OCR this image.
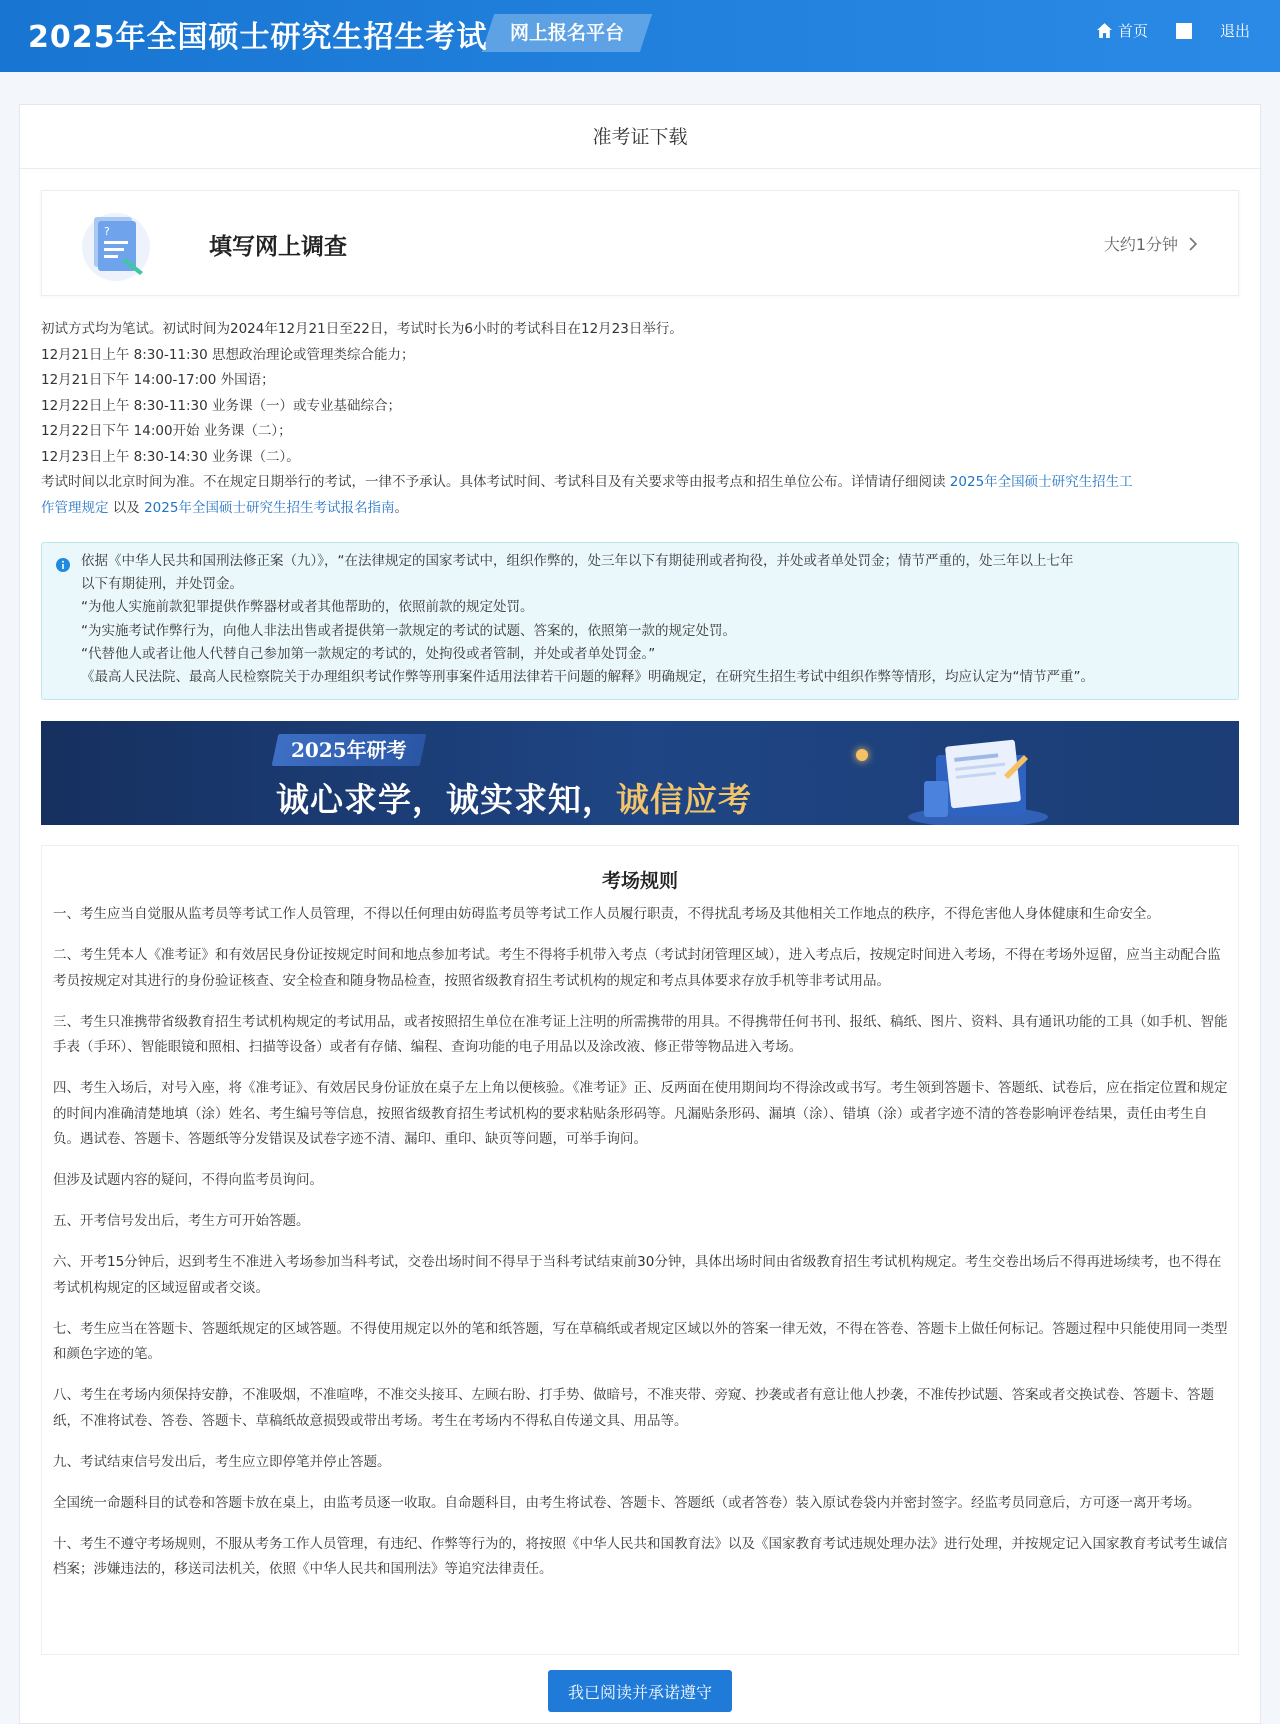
2025年全国硕士研究生招生考试	网上报名平台	首页	退出
准考证下载
?
填写网上调查	大约1分钟
初试方式均为笔试。初试时间为2024年12月21日至22日，考试时长为6小时的考试科目在12月23日举行。
12月21日上午 8:30-11:30 思想政治理论或管理类综合能力；
12月21日下午 14:00-17:00 外国语；
12月22日上午 8:30-11:30 业务课（一）或专业基础综合；
12月22日下午 14:00开始 业务课（二）；
12月23日上午 8:30-14:30 业务课（二）。
考试时间以北京时间为准。不在规定日期举行的考试，一律不予承认。具体考试时间、考试科目及有关要求等由报考点和招生单位公布。详情请仔细阅读 2025年全国硕士研究生招生工
作管理规定 以及 2025年全国硕士研究生招生考试报名指南。
依据《中华人民共和国刑法修正案（九）》，“在法律规定的国家考试中，组织作弊的，处三年以下有期徒刑或者拘役，并处或者单处罚金；情节严重的，处三年以上七年
以下有期徒刑，并处罚金。
“为他人实施前款犯罪提供作弊器材或者其他帮助的，依照前款的规定处罚。
“为实施考试作弊行为，向他人非法出售或者提供第一款规定的考试的试题、答案的，依照第一款的规定处罚。
“代替他人或者让他人代替自己参加第一款规定的考试的，处拘役或者管制，并处或者单处罚金。”
《最高人民法院、最高人民检察院关于办理组织考试作弊等刑事案件适用法律若干问题的解释》明确规定，在研究生招生考试中组织作弊等情形，均应认定为“情节严重”。
2025年研考
诚心求学，诚实求知，诚信应考
考场规则

一、考生应当自觉服从监考员等考试工作人员管理，不得以任何理由妨碍监考员等考试工作人员履行职责，不得扰乱考场及其他相关工作地点的秩序，不得危害他人身体健康和生命安全。

二、考生凭本人《准考证》和有效居民身份证按规定时间和地点参加考试。考生不得将手机带入考点（考试封闭管理区域），进入考点后，按规定时间进入考场，不得在考场外逗留，应当主动配合监考员按规定对其进行的身份验证核查、安全检查和随身物品检查，按照省级教育招生考试机构的规定和考点具体要求存放手机等非考试用品。

三、考生只准携带省级教育招生考试机构规定的考试用品，或者按照招生单位在准考证上注明的所需携带的用具。不得携带任何书刊、报纸、稿纸、图片、资料、具有通讯功能的工具（如手机、智能手表（手环）、智能眼镜和照相、扫描等设备）或者有存储、编程、查询功能的电子用品以及涂改液、修正带等物品进入考场。

四、考生入场后，对号入座，将《准考证》、有效居民身份证放在桌子左上角以便核验。《准考证》正、反两面在使用期间均不得涂改或书写。考生领到答题卡、答题纸、试卷后，应在指定位置和规定的时间内准确清楚地填（涂）姓名、考生编号等信息，按照省级教育招生考试机构的要求粘贴条形码等。凡漏贴条形码、漏填（涂）、错填（涂）或者字迹不清的答卷影响评卷结果，责任由考生自负。遇试卷、答题卡、答题纸等分发错误及试卷字迹不清、漏印、重印、缺页等问题，可举手询问。

但涉及试题内容的疑问，不得向监考员询问。

五、开考信号发出后，考生方可开始答题。

六、开考15分钟后，迟到考生不准进入考场参加当科考试，交卷出场时间不得早于当科考试结束前30分钟，具体出场时间由省级教育招生考试机构规定。考生交卷出场后不得再进场续考，也不得在考试机构规定的区域逗留或者交谈。

七、考生应当在答题卡、答题纸规定的区域答题。不得使用规定以外的笔和纸答题，写在草稿纸或者规定区域以外的答案一律无效，不得在答卷、答题卡上做任何标记。答题过程中只能使用同一类型和颜色字迹的笔。

八、考生在考场内须保持安静，不准吸烟，不准喧哗，不准交头接耳、左顾右盼、打手势、做暗号，不准夹带、旁窥、抄袭或者有意让他人抄袭，不准传抄试题、答案或者交换试卷、答题卡、答题纸，不准将试卷、答卷、答题卡、草稿纸故意损毁或带出考场。考生在考场内不得私自传递文具、用品等。

九、考试结束信号发出后，考生应立即停笔并停止答题。

全国统一命题科目的试卷和答题卡放在桌上，由监考员逐一收取。自命题科目，由考生将试卷、答题卡、答题纸（或者答卷）装入原试卷袋内并密封签字。经监考员同意后，方可逐一离开考场。

十、考生不遵守考场规则，不服从考务工作人员管理，有违纪、作弊等行为的，将按照《中华人民共和国教育法》以及《国家教育考试违规处理办法》进行处理，并按规定记入国家教育考试考生诚信档案；涉嫌违法的，移送司法机关，依照《中华人民共和国刑法》等追究法律责任。

我已阅读并承诺遵守
